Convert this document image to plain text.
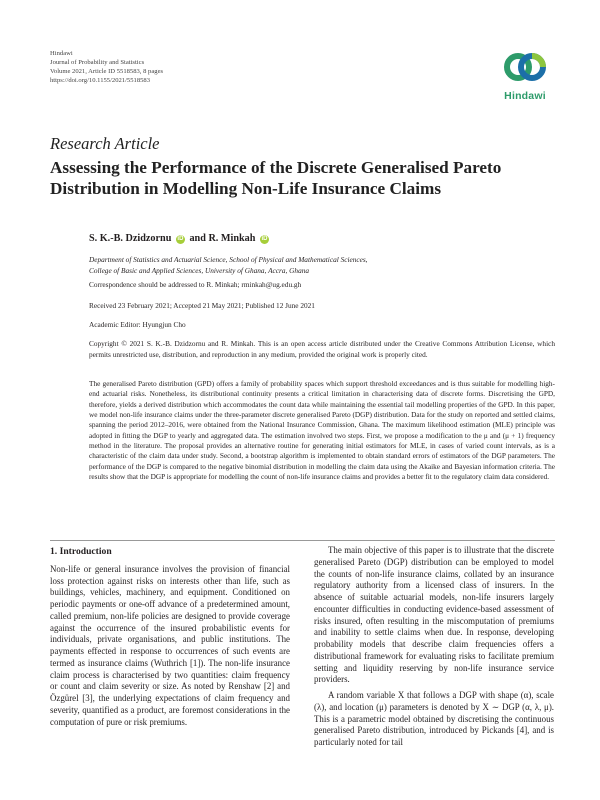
Hindawi
Journal of Probability and Statistics
Volume 2021, Article ID 5518583, 8 pages
https://doi.org/10.1155/2021/5518583
Hindawi
Research Article
Assessing the Performance of the Discrete Generalised Pareto Distribution in Modelling Non-Life Insurance Claims
S. K.-B. Dzidzornu iD and R. Minkah iD
Department of Statistics and Actuarial Science, School of Physical and Mathematical Sciences,
College of Basic and Applied Sciences, University of Ghana, Accra, Ghana
Correspondence should be addressed to R. Minkah; rminkah@ug.edu.gh
Received 23 February 2021; Accepted 21 May 2021; Published 12 June 2021
Academic Editor: Hyungjun Cho
Copyright © 2021 S. K.-B. Dzidzornu and R. Minkah. This is an open access article distributed under the Creative Commons Attribution License, which permits unrestricted use, distribution, and reproduction in any medium, provided the original work is properly cited.
The generalised Pareto distribution (GPD) offers a family of probability spaces which support threshold exceedances and is thus suitable for modelling high-end actuarial risks. Nonetheless, its distributional continuity presents a critical limitation in characterising data of discrete forms. Discretising the GPD, therefore, yields a derived distribution which accommodates the count data while maintaining the essential tail modelling properties of the GPD. In this paper, we model non-life insurance claims under the three-parameter discrete generalised Pareto (DGP) distribution. Data for the study on reported and settled claims, spanning the period 2012–2016, were obtained from the National Insurance Commission, Ghana. The maximum likelihood estimation (MLE) principle was adopted in fitting the DGP to yearly and aggregated data. The estimation involved two steps. First, we propose a modification to the μ and (μ + 1) frequency method in the literature. The proposal provides an alternative routine for generating initial estimators for MLE, in cases of varied count intervals, as is a characteristic of the claim data under study. Second, a bootstrap algorithm is implemented to obtain standard errors of estimators of the DGP parameters. The performance of the DGP is compared to the negative binomial distribution in modelling the claim data using the Akaike and Bayesian information criteria. The results show that the DGP is appropriate for modelling the count of non-life insurance claims and provides a better fit to the regulatory claim data considered.
1. Introduction
Non-life or general insurance involves the provision of financial loss protection against risks on interests other than life, such as buildings, vehicles, machinery, and equipment. Conditioned on periodic payments or one-off advance of a predetermined amount, called premium, non-life policies are designed to provide coverage against the occurrence of the insured probabilistic events for individuals, private organisations, and public institutions. The payments effected in response to occurrences of such events are termed as insurance claims (Wuthrich [1]). The non-life insurance claim process is characterised by two quantities: claim frequency or count and claim severity or size. As noted by Renshaw [2] and Özgürel [3], the underlying expectations of claim frequency and severity, quantified as a product, are foremost considerations in the computation of pure or risk premiums.
The main objective of this paper is to illustrate that the discrete generalised Pareto (DGP) distribution can be employed to model the counts of non-life insurance claims, collated by an insurance regulatory authority from a licensed class of insurers. In the absence of suitable actuarial models, non-life insurers largely encounter difficulties in conducting evidence-based assessment of risks insured, often resulting in the miscomputation of premiums and inability to settle claims when due. In response, developing probability models that describe claim frequencies offers a distributional framework for evaluating risks to facilitate premium setting and liquidity reserving by non-life insurance service providers.
A random variable X that follows a DGP with shape (α), scale (λ), and location (μ) parameters is denoted by X ∼ DGP (α, λ, μ). This is a parametric model obtained by discretising the continuous generalised Pareto distribution, introduced by Pickands [4], and is particularly noted for tail
